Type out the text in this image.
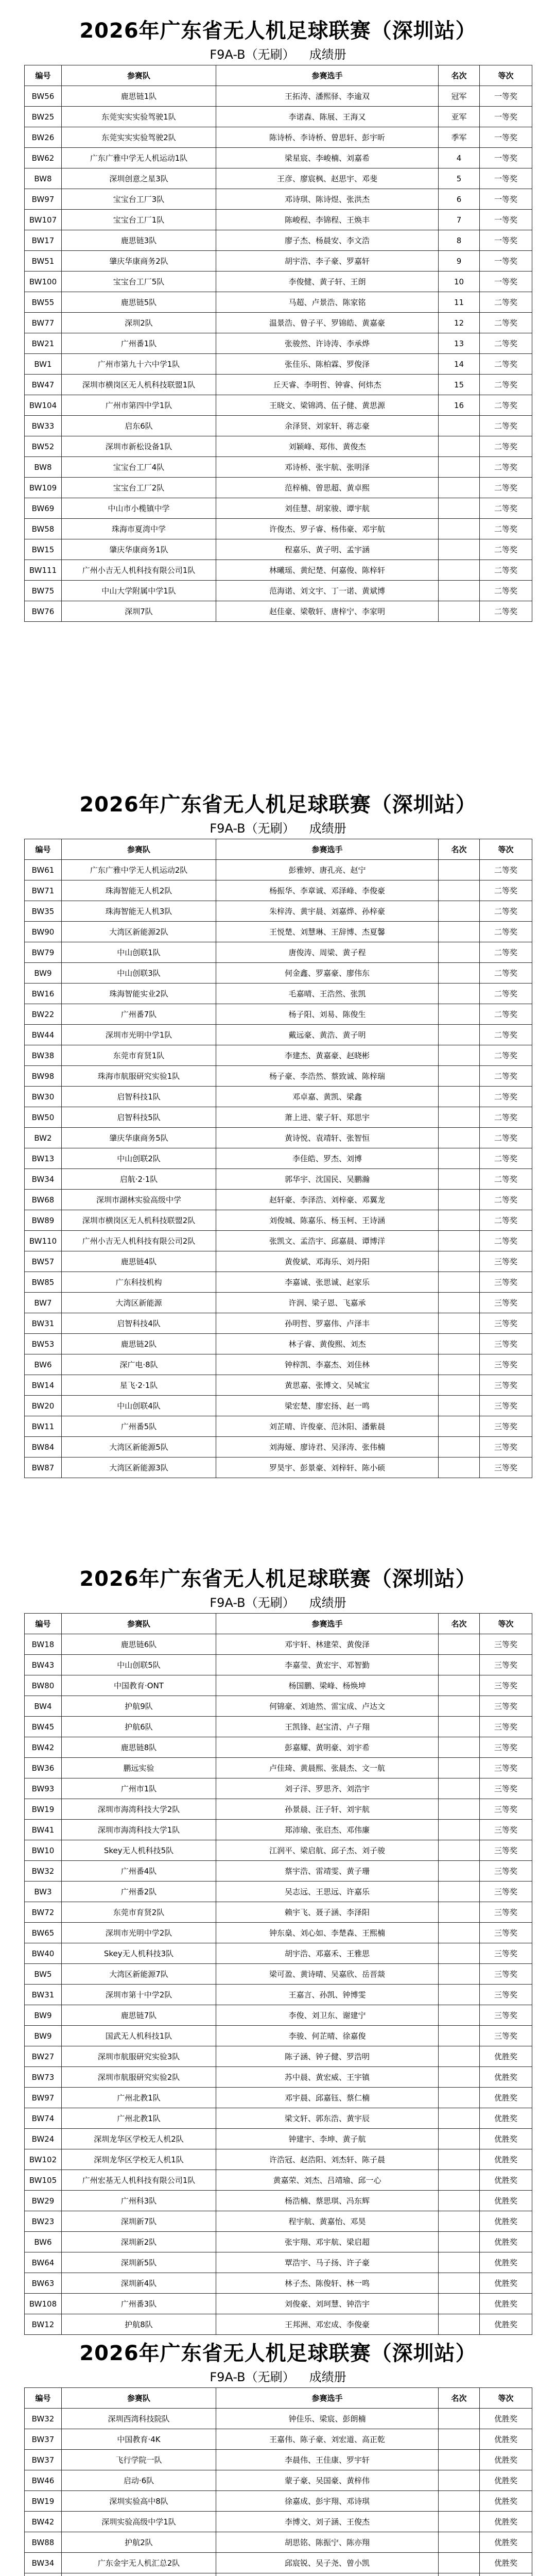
2026年广东省无人机足球联赛（深圳站）
F9A-B（无刷） 成绩册
编号	参赛队	参赛选手	名次	等次
BW56	鹿思链1队	王拓涛、潘熙驿、李逾双	冠军	一等奖
BW25	东莞实实实验驾驶1队	李诺森、陈展、王海又	亚军	一等奖
BW26	东莞实实实验驾驶2队	陈诗桥、李诗桥、曾思轩、彭宇昕	季军	一等奖
BW62	广东广雅中学无人机运动1队	梁星宸、李峻楠、刘嘉希	4	一等奖
BW8	深圳创意之星3队	王彦、廖宸枫、赵思宇、邓斐	5	一等奖
BW97	宝宝台工厂3队	邓诗琪、陈诗煜、张洪杰	6	一等奖
BW107	宝宝台工厂1队	陈峻程、李锦程、王焕丰	7	一等奖
BW17	鹿思链3队	廖子杰、杨晨安、李文浩	8	一等奖
BW51	肇庆华康商务2队	胡宇浩、李子豪、罗嘉轩	9	一等奖
BW100	宝宝台工厂5队	李俊健、黄子轩、王朗	10	一等奖
BW55	鹿思链5队	马超、卢景浩、陈家铭	11	二等奖
BW77	深圳2队	温景浩、曾子平、罗锦皓、黄嘉豪	12	二等奖
BW21	广州番1队	张骏然、许诗涛、李承烨	13	二等奖
BW1	广州市第九十六中学1队	张佳乐、陈柏霖、罗俊泽	14	二等奖
BW47	深圳市横岗区无人机科技联盟1队	丘天睿、李明哲、钟睿、何炜杰	15	二等奖
BW104	广州市第四中学1队	王晓文、梁锦鸿、伍子健、黄思源	16	二等奖
BW33	启东6队	余泽贤、刘家轩、蒋志豪		二等奖
BW52	深圳市新松设备1队	刘颖峰、郑伟、黄俊杰		二等奖
BW8	宝宝台工厂4队	邓诗桥、张宇航、张明泽		二等奖
BW109	宝宝台工厂2队	范梓楠、曾思超、黄卓熙		二等奖
BW69	中山市小榄镇中学	刘佳慧、胡家骏、谭宇航		二等奖
BW58	珠海市夏湾中学	许俊杰、罗子睿、杨伟豪、邓宇航		二等奖
BW15	肇庆华康商务1队	程嘉乐、黄子明、孟宇涵		二等奖
BW111	广州小吉无人机科技有限公司1队	林曦瑶、黄纪楚、何嘉俊、陈梓轩		二等奖
BW75	中山大学附属中学1队	范海诺、刘文宇、丁一诺、黄斌博		二等奖
BW76	深圳7队	赵佳豪、梁敬轩、唐梓宁、李家明		二等奖
2026年广东省无人机足球联赛（深圳站）
F9A-B（无刷） 成绩册
编号	参赛队	参赛选手	名次	等次
BW61	广东广雅中学无人机运动2队	彭雅婷、唐孔亮、赵宁		二等奖
BW71	珠海智能无人机2队	杨振华、李章诚、邓泽峰、李俊豪		二等奖
BW35	珠海智能无人机3队	朱梓涛、黄宇晨、刘嘉烨、孙梓豪		二等奖
BW90	大湾区新能源2队	王悦楚、刘慧琳、王辞博、杰夏馨		二等奖
BW79	中山创联1队	唐俊涛、周梁、黄子程		二等奖
BW9	中山创联3队	何金鑫、罗嘉豪、廖伟东		二等奖
BW16	珠海智能实业2队	毛嘉晴、王浩然、张凯		二等奖
BW22	广州番7队	杨子阳、刘易、陈俊生		二等奖
BW44	深圳市光明中学1队	戴远豪、黄浩、黄子明		二等奖
BW38	东莞市育贤1队	李建杰、黄嘉豪、赵晓彬		二等奖
BW98	珠海市航服研究实验1队	杨子豪、李浩然、蔡致诚、陈梓瑞		二等奖
BW30	启智科技1队	邓卓嘉、黄凯、梁鑫		二等奖
BW50	启智科技5队	萧上进、蒙子轩、郑思宇		二等奖
BW2	肇庆华康商务5队	黄诗悦、袁靖轩、张智恒		二等奖
BW13	中山创联2队	李佳皓、罗杰、刘博		二等奖
BW34	启航·2·1队	郭华宇、沈国民、吴鹏瀚		二等奖
BW68	深圳市湖林实验高级中学	赵轩豪、李泽浩、刘梓豪、邓翼龙		二等奖
BW89	深圳市横岗区无人机科技联盟2队	刘俊城、陈嘉乐、杨玉柯、王诗涵		二等奖
BW110	广州小吉无人机科技有限公司2队	张凯文、孟浩宇、邱嘉晨、谭博洋		二等奖
BW57	鹿思链4队	黄俊斌、邓海乐、刘丹阳		三等奖
BW85	广东科技机构	李嘉诚、张思诚、赵家乐		三等奖
BW7	大湾区新能源	许润、梁子恩、飞嘉承		三等奖
BW31	启智科技4队	孙明哲、罗嘉伟、卢泽丰		三等奖
BW53	鹿思链2队	林子睿、黄俊熙、刘杰		三等奖
BW6	深广电·8队	钟梓凯、李嘉杰、刘佳林		三等奖
BW14	星飞·2·1队	黄思嘉、张博文、吴城宝		三等奖
BW20	中山创联4队	梁宏楚、廖宏扬、赵一鸣		三等奖
BW11	广州番5队	刘芷晴、许俊豪、范沐阳、潘紫晨		三等奖
BW84	大湾区新能源5队	刘海娅、廖诗君、吴泽涛、张伟楠		三等奖
BW87	大湾区新能源3队	罗昊宇、彭景豪、刘梓轩、陈小硕		三等奖
2026年广东省无人机足球联赛（深圳站）
F9A-B（无刷） 成绩册
编号	参赛队	参赛选手	名次	等次
BW18	鹿思链6队	邓宇轩、林建荣、黄俊泽		三等奖
BW43	中山创联5队	李嘉莹、黄宏宇、邓智勤		三等奖
BW80	中国教育·ONT	杨国鹏、梁峰、杨焕坤		三等奖
BW4	护航9队	何锦豪、刘迪然、雷宝成、卢达文		三等奖
BW45	护航6队	王凯锋、赵宝清、卢子翔		三等奖
BW42	鹿思链8队	彭嘉耀、黄明豪、刘宇希		三等奖
BW36	鹏远实验	卢佳琦、黄晨熙、张晨杰、文一航		三等奖
BW93	广州市1队	刘子洋、罗思齐、刘浩宇		三等奖
BW19	深圳市海湾科技大学2队	孙景晨、汪子轩、刘宇航		三等奖
BW41	深圳市海湾科技大学1队	郑沛瑜、张启杰、邓伟廉		三等奖
BW10	Skey无人机科技5队	江润平、梁启航、邱子杰、刘子骏		三等奖
BW32	广州番4队	蔡宇浩、雷靖雯、黄子珊		三等奖
BW3	广州番2队	吴志远、王思远、许嘉乐		三等奖
BW72	东莞市育贤2队	赖宇飞、聂子涵、李泽阳		三等奖
BW65	深圳市光明中学2队	钟东燊、刘心如、李楚森、王熙楠		三等奖
BW40	Skey无人机科技3队	胡宇浩、邓嘉禾、王雅思		三等奖
BW5	大湾区新能源7队	梁可盈、黄诗晴、吴嘉欣、岳晋燚		三等奖
BW31	深圳市第十中学2队	王嘉言、孙凯、钟博雯		三等奖
BW9	鹿思链7队	李俊、刘卫东、谢建宁		三等奖
BW9	国武无人机科技1队	李骏、何芷晴、徐嘉俊		三等奖
BW27	深圳市航服研究实验3队	陈子涵、钟子健、罗浩明		优胜奖
BW73	深圳市航服研究实验2队	苏中晨、黄宏威、王宇镇		优胜奖
BW97	广州北教1队	邓宇晨、邱嘉钰、蔡仁楠		优胜奖
BW74	广州北教1队	梁文轩、郭东浩、黄宇辰		优胜奖
BW24	深圳龙华区学校无人机2队	钟建宇、李坤、黄子航		优胜奖
BW102	深圳龙华区学校无人机1队	许浩冠、赵浩阳、刘杰轩、陈子晨		优胜奖
BW105	广州宏基无人机科技有限公司1队	黄嘉荣、刘杰、吕靖瑜、邱一心		优胜奖
BW29	广州科3队	杨浩楠、蔡思琪、冯东辉		优胜奖
BW23	深圳新7队	程宇航、黄嘉怡、邓昊		优胜奖
BW6	深圳新2队	张宇翔、邓宇航、梁启超		优胜奖
BW64	深圳新5队	覃浩宇、马子扬、许子豪		优胜奖
BW63	深圳新4队	林子杰、陈俊轩、林一鸣		优胜奖
BW108	广州番3队	刘俊豪、刘珂慧、钟浩宇		优胜奖
BW12	护航8队	王邦洲、邓宏成、李俊豪		优胜奖
2026年广东省无人机足球联赛（深圳站）
F9A-B（无刷） 成绩册
编号	参赛队	参赛选手	名次	等次
BW32	深圳西湾科技院队	钟佳乐、梁宸、彭朗楠		优胜奖
BW37	中国教育·4K	王嘉伟、陈子豪、刘宏道、高正乾		优胜奖
BW37	飞行学院一队	李晨伟、王佳康、罗宇轩		优胜奖
BW46	启动·6队	蒙子豪、吴国豪、黄梓伟		优胜奖
BW19	深圳实验高中8队	徐嘉成、彭宇翔、邓诗琪		优胜奖
BW42	深圳实验高级中学1队	李博文、刘子涵、王俊杰		优胜奖
BW88	护航2队	胡思铭、陈振宁、陈亦翔		优胜奖
BW34	广东金宇无人机汇总2队	邱宸锐、吴子尧、曾小凯		优胜奖
